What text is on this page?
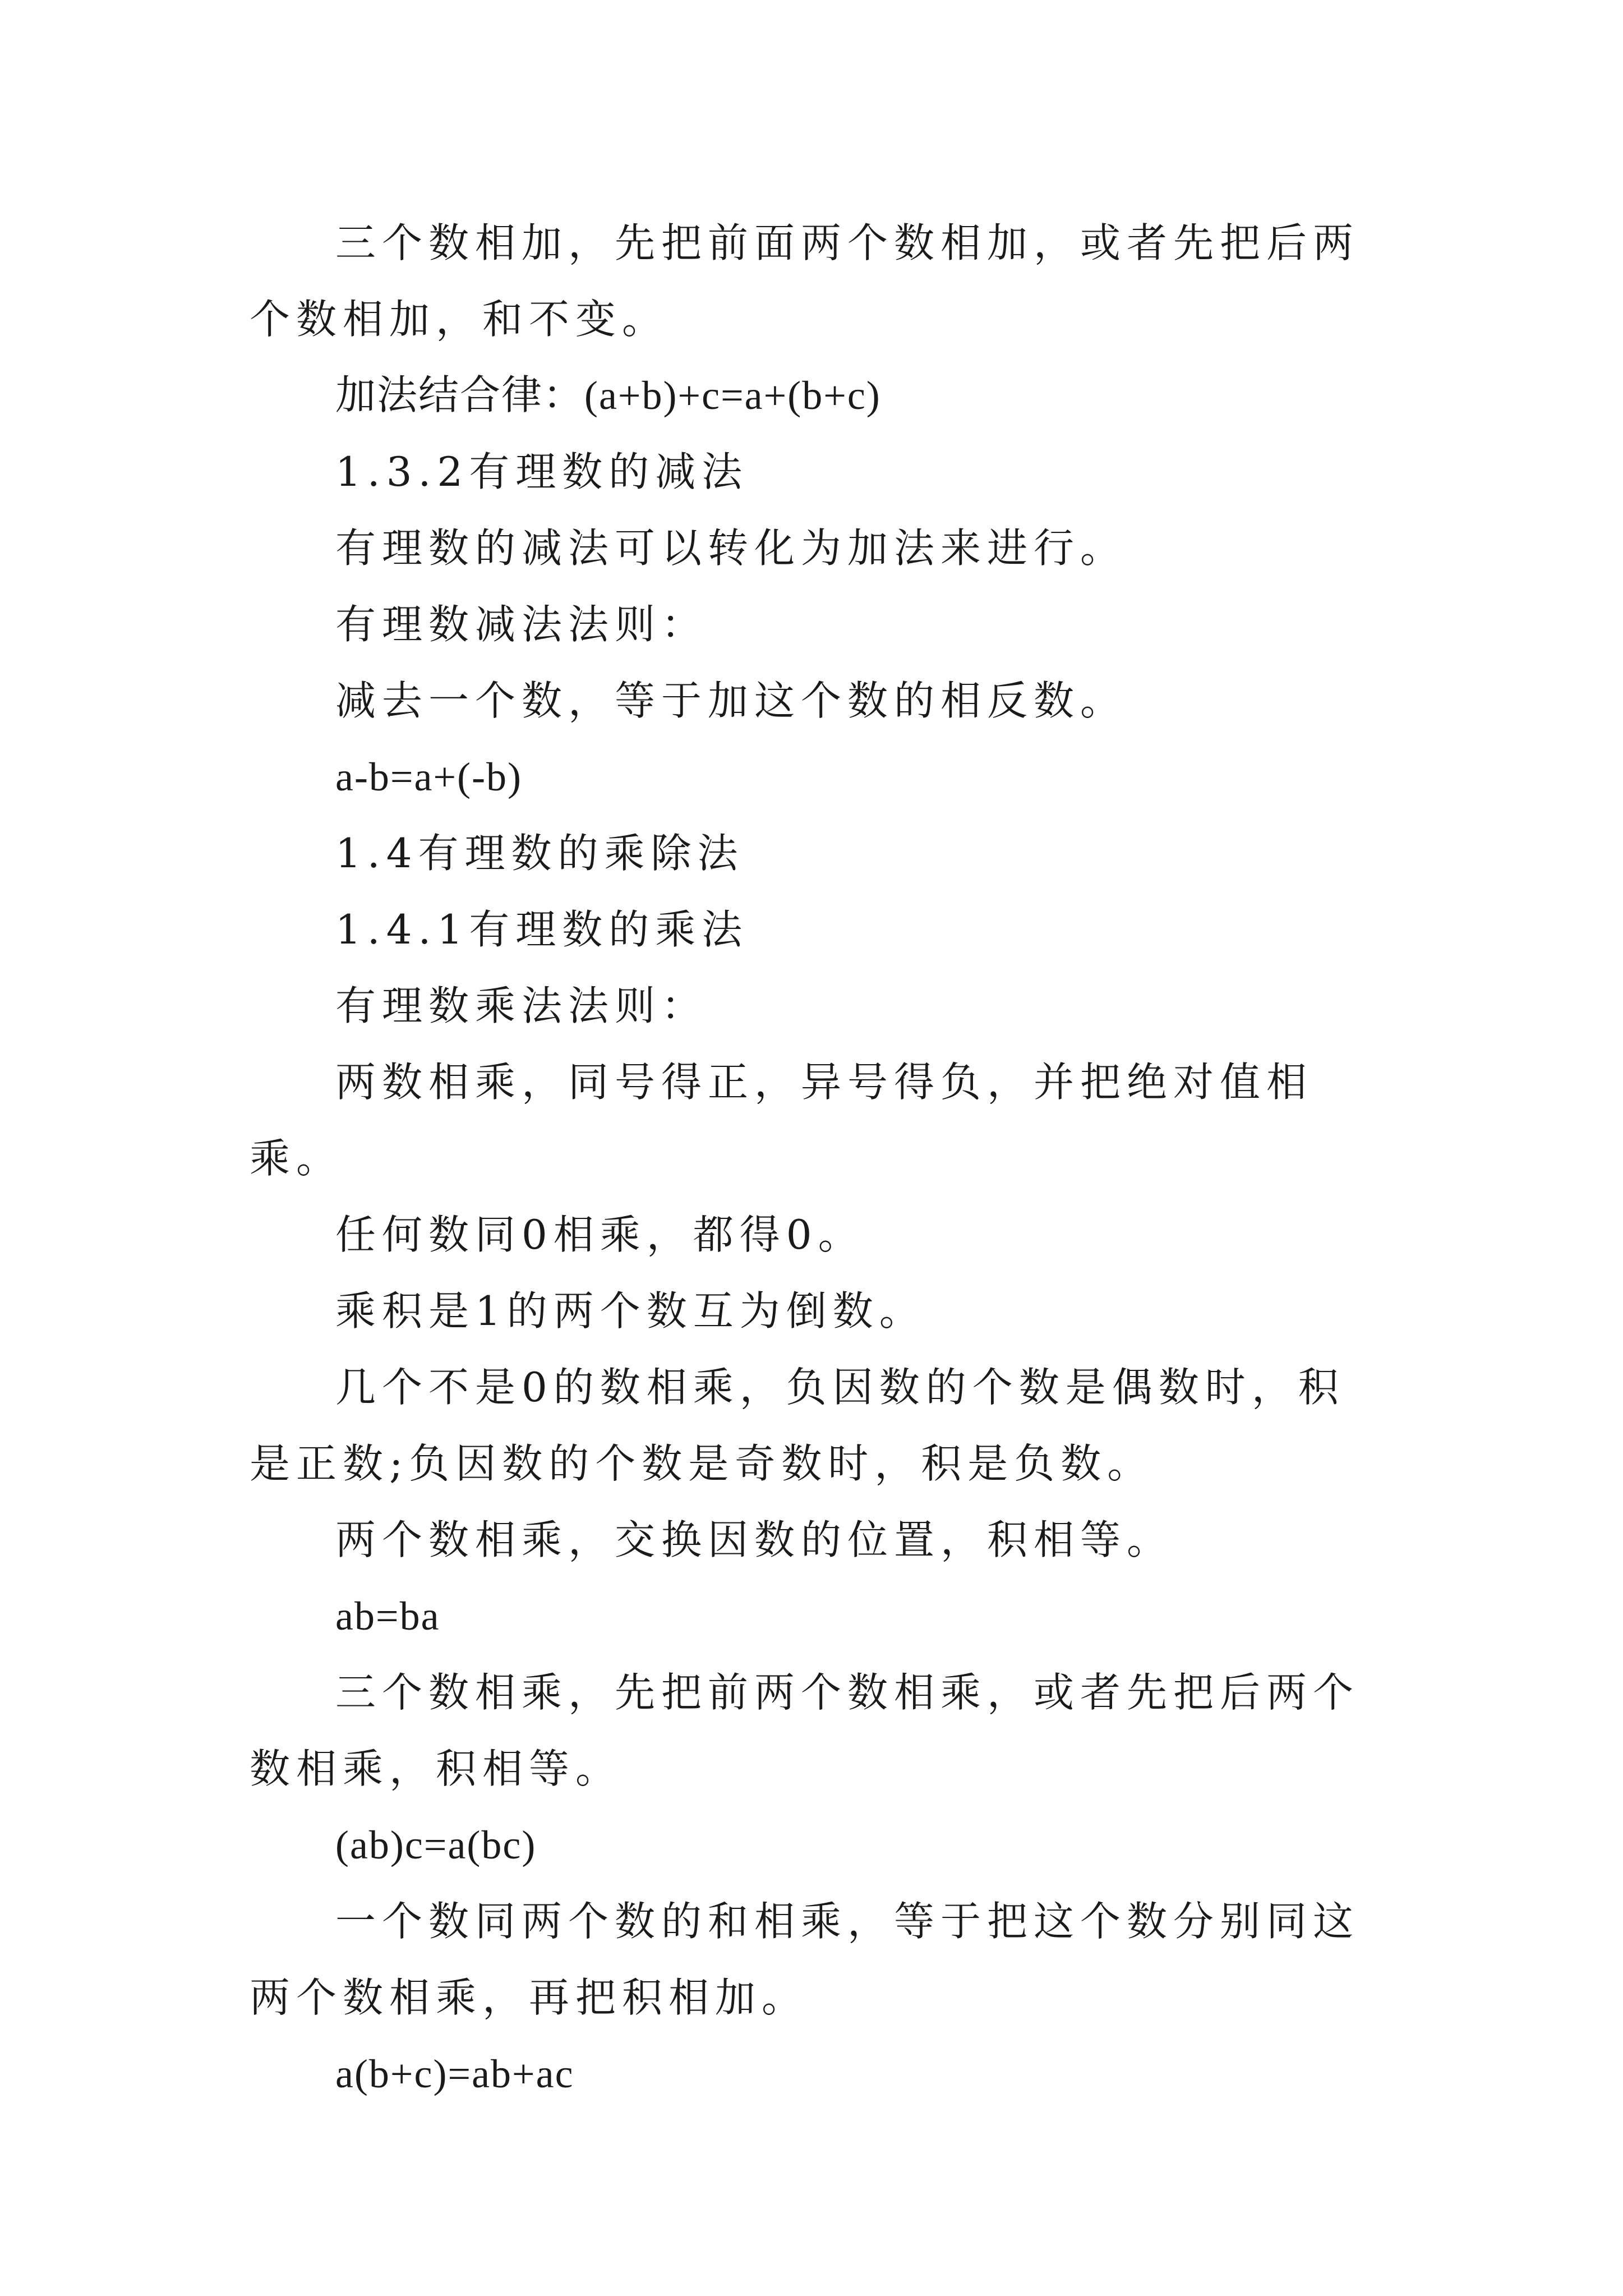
三个数相加，先把前面两个数相加，或者先把后两个数相加，和不变。

加法结合律：(a+b)+c=a+(b+c)

1.3.2有理数的减法

有理数的减法可以转化为加法来进行。

有理数减法法则：

减去一个数，等于加这个数的相反数。

a-b=a+(-b)

1.4有理数的乘除法

1.4.1有理数的乘法

有理数乘法法则：

两数相乘，同号得正，异号得负，并把绝对值相乘。

任何数同0相乘，都得0。

乘积是1的两个数互为倒数。

几个不是0的数相乘，负因数的个数是偶数时，积是正数;负因数的个数是奇数时，积是负数。

两个数相乘，交换因数的位置，积相等。

ab=ba

三个数相乘，先把前两个数相乘，或者先把后两个数相乘，积相等。

(ab)c=a(bc)

一个数同两个数的和相乘，等于把这个数分别同这两个数相乘，再把积相加。

a(b+c)=ab+ac
